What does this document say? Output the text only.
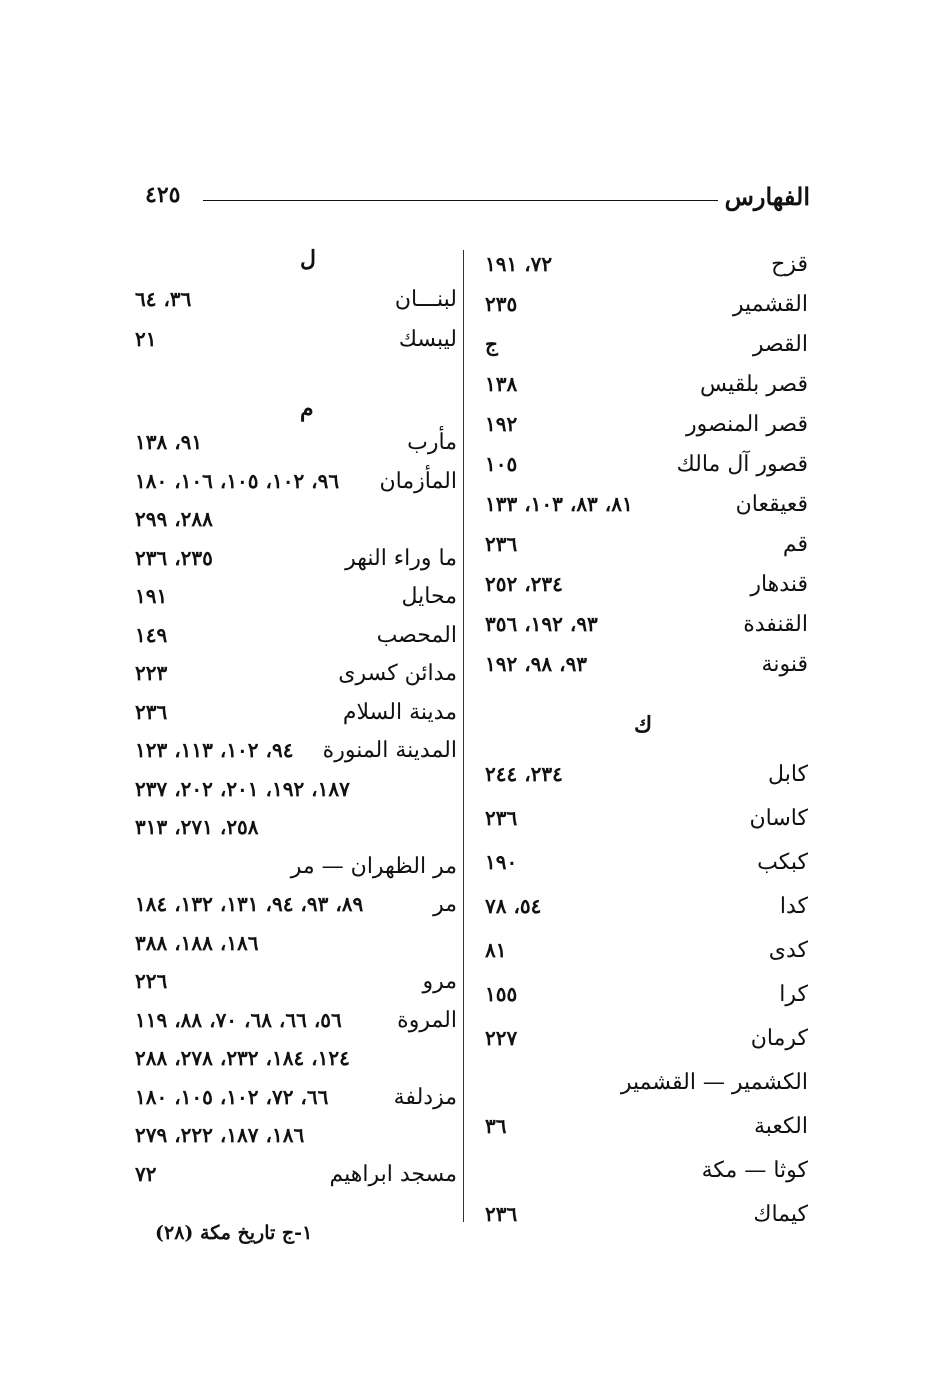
الفهارس
٤٢٥
قزح
٧٢، ١٩١
القشمير
٢٣٥
القصر
ج
قصر بلقيس
١٣٨
قصر المنصور
١٩٢
قصور آل مالك
١٠٥
قعيقعان
٨١، ٨٣، ١٠٣، ١٣٣
قم
٢٣٦
قندهار
٢٣٤، ٢٥٢
القنفدة
٩٣، ١٩٢، ٣٥٦
قنونة
٩٣، ٩٨، ١٩٢
كابل
٢٣٤، ٢٤٤
كاسان
٢٣٦
كبكب
١٩٠
كدا
٥٤، ٧٨
كدى
٨١
كرا
١٥٥
كرمان
٢٢٧
الكشمير — القشمير
الكعبة
٣٦
كوثا — مكة
كيماك
٢٣٦
ك
لبنـــان
٣٦، ٦٤
ليبسك
٢١
مأرب
٩١، ١٣٨
المأزمان
٩٦، ١٠٢، ١٠٥، ١٠٦، ١٨٠
٢٨٨، ٢٩٩
ما وراء النهر
٢٣٥، ٢٣٦
محايل
١٩١
المحصب
١٤٩
مدائن كسرى
٢٢٣
مدينة السلام
٢٣٦
المدينة المنورة
٩٤، ١٠٢، ١١٣، ١٢٣
١٨٧، ١٩٢، ٢٠١، ٢٠٢، ٢٣٧
٢٥٨، ٢٧١، ٣١٣
مر الظهران — مر
مر
٨٩، ٩٣، ٩٤، ١٣١، ١٣٢، ١٨٤
١٨٦، ١٨٨، ٣٨٨
مرو
٢٢٦
المروة
٥٦، ٦٦، ٦٨، ٧٠، ٨٨، ١١٩
١٢٤، ١٨٤، ٢٣٢، ٢٧٨، ٢٨٨
مزدلفة
٦٦، ٧٢، ١٠٢، ١٠٥، ١٨٠
١٨٦، ١٨٧، ٢٢٢، ٢٧٩
مسجد ابراهيم
٧٢
ل
م
١-ج تاريخ مكة (٢٨)
